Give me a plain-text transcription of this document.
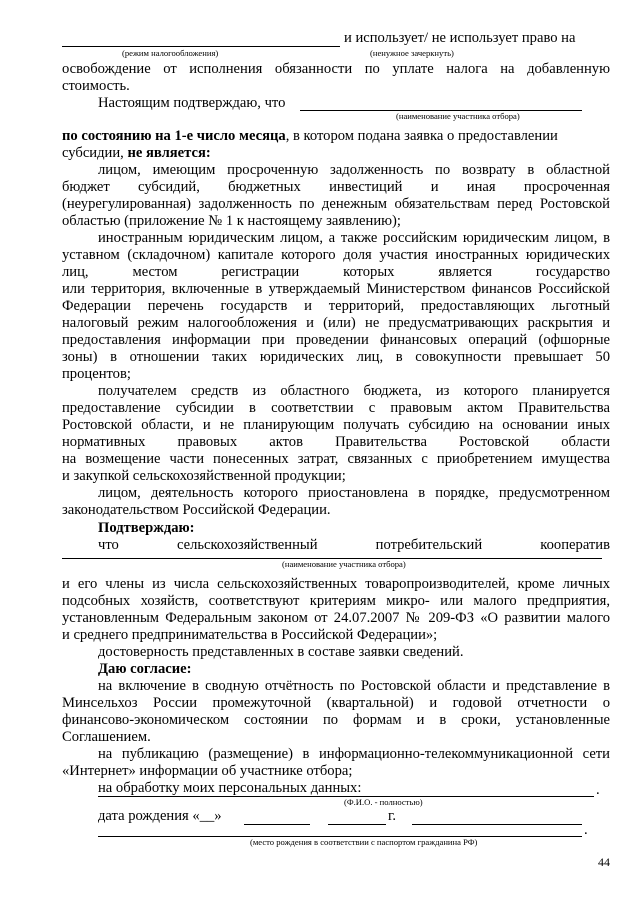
и использует/ не использует право на
(режим налогообложения)	(ненужное зачеркнуть)
освобождение от исполнения обязанности по уплате налога на добавленную
стоимость.
Настоящим подтверждаю, что
(наименование участника отбора)
по состоянию на 1-е число месяца, в котором подана заявка о предоставлении
субсидии, не является:
лицом, имеющим просроченную задолженность по возврату в областной
бюджет субсидий, бюджетных инвестиций и иная просроченная
(неурегулированная) задолженность по денежным обязательствам перед Ростовской
областью (приложение № 1 к настоящему заявлению);
иностранным юридическим лицом, а также российским юридическим лицом, в
уставном (складочном) капитале которого доля участия иностранных юридических
лиц, местом регистрации которых является государство
или территория, включенные в утверждаемый Министерством финансов Российской
Федерации перечень государств и территорий, предоставляющих льготный
налоговый режим налогообложения и (или) не предусматривающих раскрытия и
предоставления информации при проведении финансовых операций (офшорные
зоны) в отношении таких юридических лиц, в совокупности превышает 50
процентов;
получателем средств из областного бюджета, из которого планируется
предоставление субсидии в соответствии с правовым актом Правительства
Ростовской области, и не планирующим получать субсидию на основании иных
нормативных правовых актов Правительства Ростовской области
на возмещение части понесенных затрат, связанных с приобретением имущества
и закупкой сельскохозяйственной продукции;
лицом, деятельность которого приостановлена в порядке, предусмотренном
законодательством Российской Федерации.
Подтверждаю:
что сельскохозяйственный потребительский кооператив
(наименование участника отбора)
и его члены из числа сельскохозяйственных товаропроизводителей, кроме личных
подсобных хозяйств, соответствуют критериям микро- или малого предприятия,
установленным Федеральным законом от 24.07.2007 № 209-ФЗ «О развитии малого
и среднего предпринимательства в Российской Федерации»;
достоверность представленных в составе заявки сведений.
Даю согласие:
на включение в сводную отчётность по Ростовской области и представление в
Минсельхоз России промежуточной (квартальной) и годовой отчетности о
финансово-экономическом состоянии по формам и в сроки, установленные
Соглашением.
на публикацию (размещение) в информационно-телекоммуникационной сети
«Интернет» информации об участнике отбора;
на обработку моих персональных данных:	.
(Ф.И.О. - полностью)
дата рождения «__»	г.
.
(место рождения в соответствии с паспортом гражданина РФ)
44
